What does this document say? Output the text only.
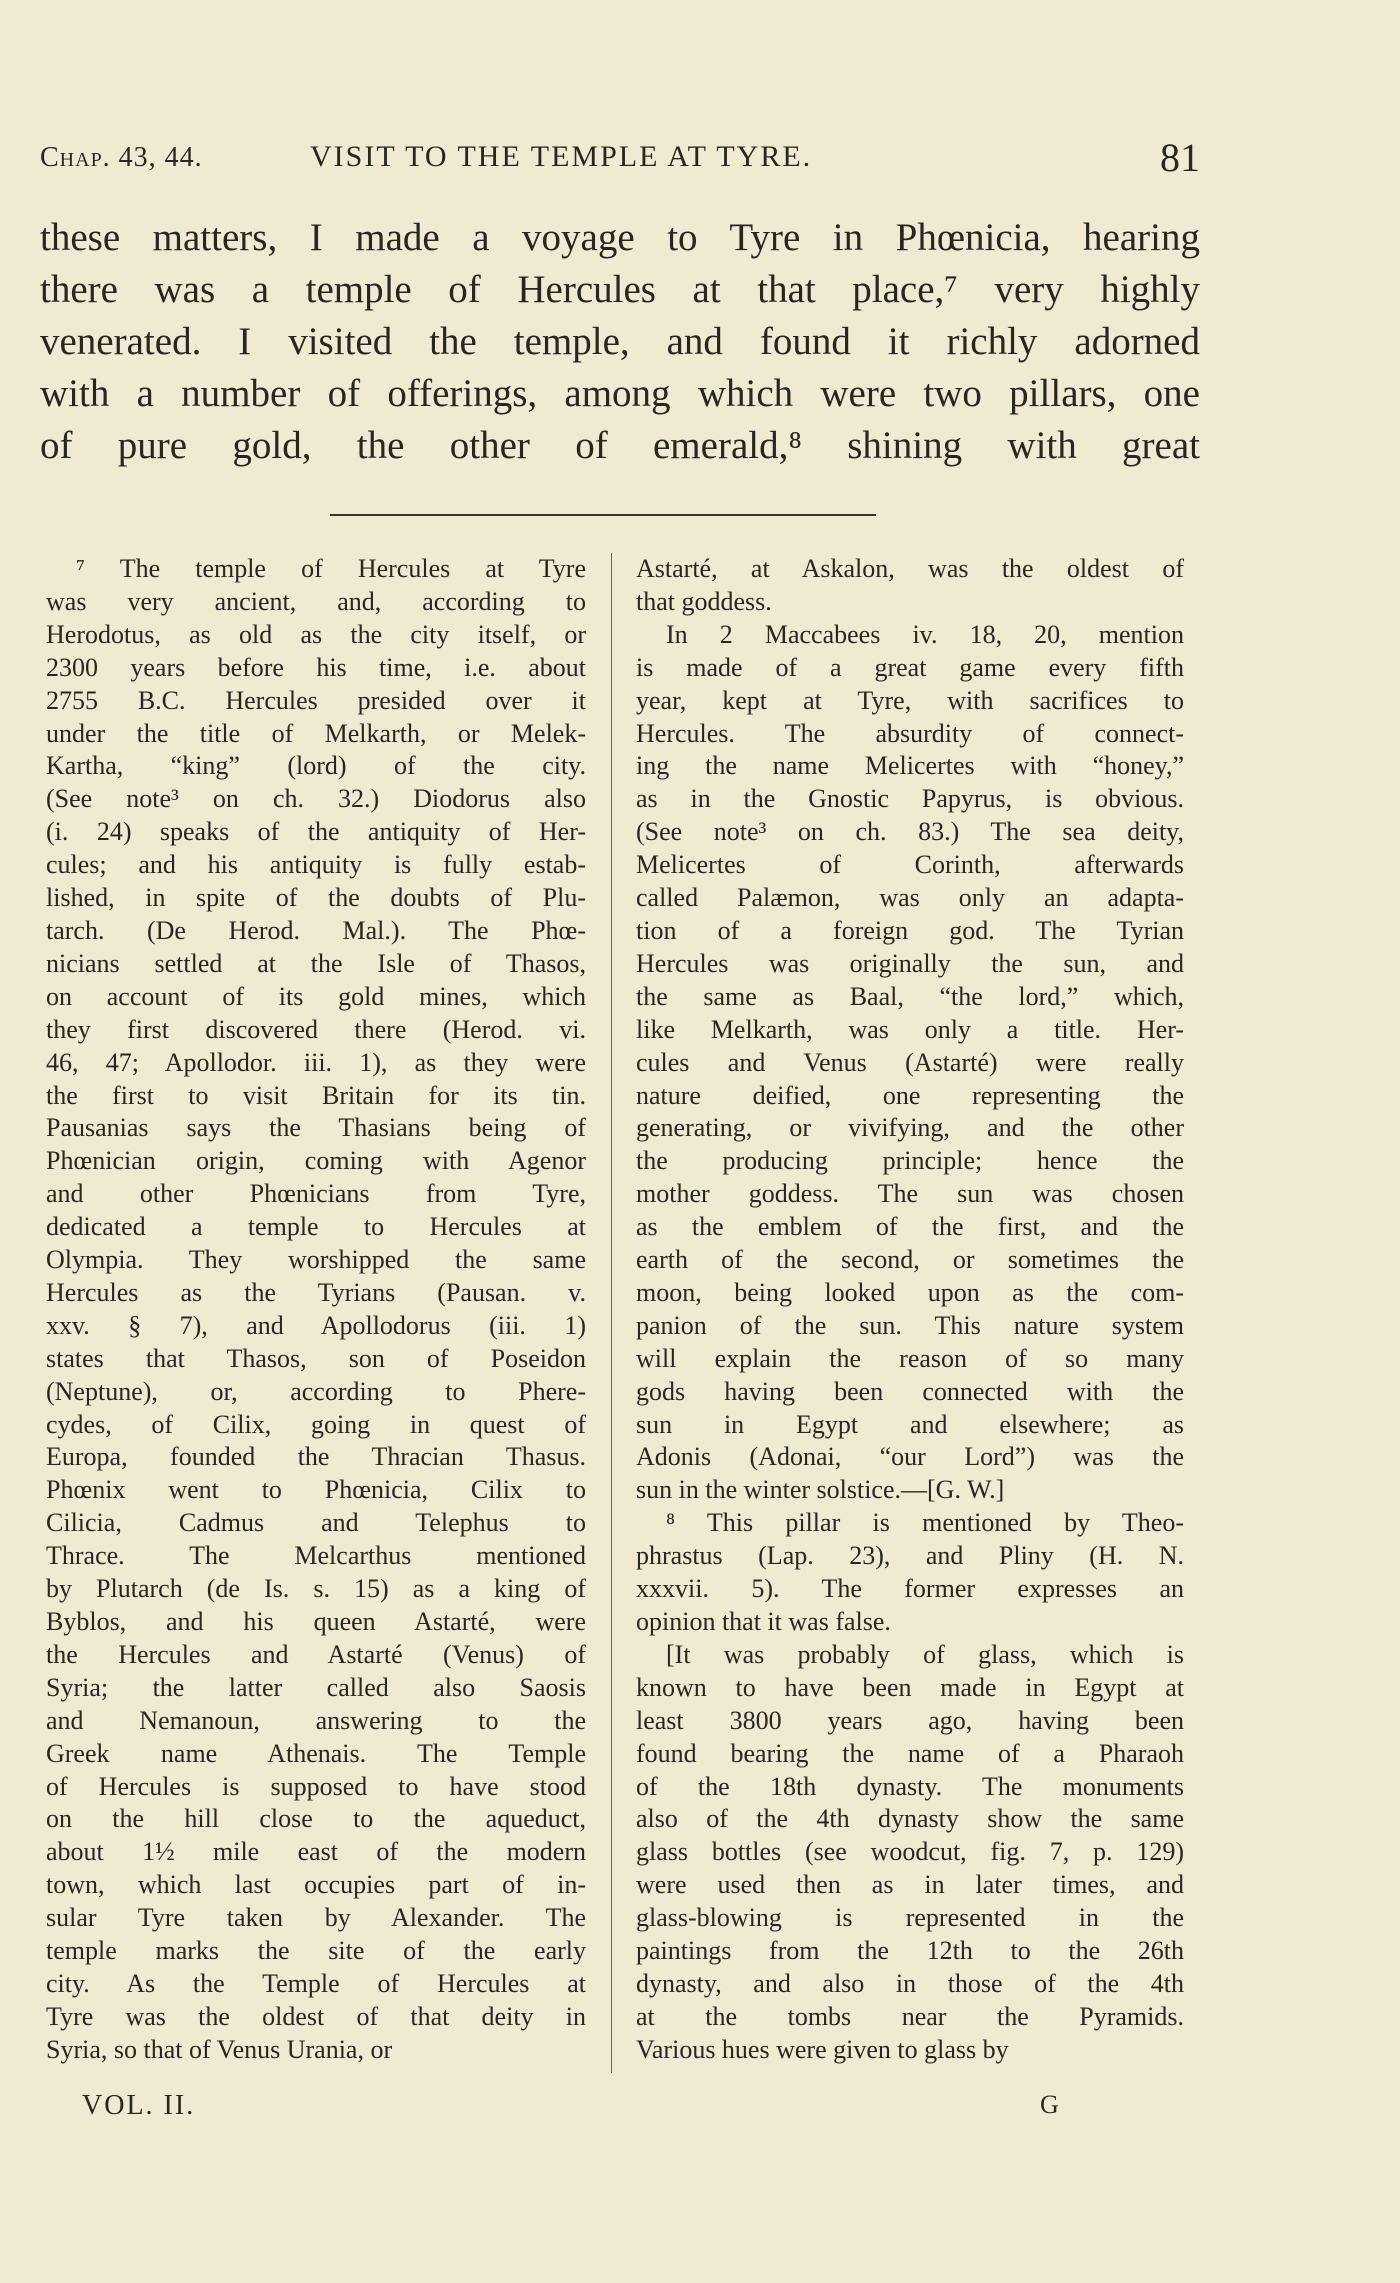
Chap. 43, 44.	VISIT TO THE TEMPLE AT TYRE.	81
these matters, I made a voyage to Tyre in Phœnicia, hearing
there was a temple of Hercules at that place,⁷ very highly
venerated. I visited the temple, and found it richly adorned
with a number of offerings, among which were two pillars, one
of pure gold, the other of emerald,⁸ shining with great
⁷ The temple of Hercules at Tyre
was very ancient, and, according to
Herodotus, as old as the city itself, or
2300 years before his time, i.e. about
2755 B.C. Hercules presided over it
under the title of Melkarth, or Melek-
Kartha, “king” (lord) of the city.
(See note³ on ch. 32.) Diodorus also
(i. 24) speaks of the antiquity of Her-
cules; and his antiquity is fully estab-
lished, in spite of the doubts of Plu-
tarch. (De Herod. Mal.). The Phœ-
nicians settled at the Isle of Thasos,
on account of its gold mines, which
they first discovered there (Herod. vi.
46, 47; Apollodor. iii. 1), as they were
the first to visit Britain for its tin.
Pausanias says the Thasians being of
Phœnician origin, coming with Agenor
and other Phœnicians from Tyre,
dedicated a temple to Hercules at
Olympia. They worshipped the same
Hercules as the Tyrians (Pausan. v.
xxv. § 7), and Apollodorus (iii. 1)
states that Thasos, son of Poseidon
(Neptune), or, according to Phere-
cydes, of Cilix, going in quest of
Europa, founded the Thracian Thasus.
Phœnix went to Phœnicia, Cilix to
Cilicia, Cadmus and Telephus to
Thrace. The Melcarthus mentioned
by Plutarch (de Is. s. 15) as a king of
Byblos, and his queen Astarté, were
the Hercules and Astarté (Venus) of
Syria; the latter called also Saosis
and Nemanoun, answering to the
Greek name Athenais. The Temple
of Hercules is supposed to have stood
on the hill close to the aqueduct,
about 1½ mile east of the modern
town, which last occupies part of in-
sular Tyre taken by Alexander. The
temple marks the site of the early
city. As the Temple of Hercules at
Tyre was the oldest of that deity in
Syria, so that of Venus Urania, or
Astarté, at Askalon, was the oldest of
that goddess.
In 2 Maccabees iv. 18, 20, mention
is made of a great game every fifth
year, kept at Tyre, with sacrifices to
Hercules. The absurdity of connect-
ing the name Melicertes with “honey,”
as in the Gnostic Papyrus, is obvious.
(See note³ on ch. 83.) The sea deity,
Melicertes of Corinth, afterwards
called Palæmon, was only an adapta-
tion of a foreign god. The Tyrian
Hercules was originally the sun, and
the same as Baal, “the lord,” which,
like Melkarth, was only a title. Her-
cules and Venus (Astarté) were really
nature deified, one representing the
generating, or vivifying, and the other
the producing principle; hence the
mother goddess. The sun was chosen
as the emblem of the first, and the
earth of the second, or sometimes the
moon, being looked upon as the com-
panion of the sun. This nature system
will explain the reason of so many
gods having been connected with the
sun in Egypt and elsewhere; as
Adonis (Adonai, “our Lord”) was the
sun in the winter solstice.—[G. W.]
⁸ This pillar is mentioned by Theo-
phrastus (Lap. 23), and Pliny (H. N.
xxxvii. 5). The former expresses an
opinion that it was false.
[It was probably of glass, which is
known to have been made in Egypt at
least 3800 years ago, having been
found bearing the name of a Pharaoh
of the 18th dynasty. The monuments
also of the 4th dynasty show the same
glass bottles (see woodcut, fig. 7, p. 129)
were used then as in later times, and
glass-blowing is represented in the
paintings from the 12th to the 26th
dynasty, and also in those of the 4th
at the tombs near the Pyramids.
Various hues were given to glass by
VOL. II.	G
